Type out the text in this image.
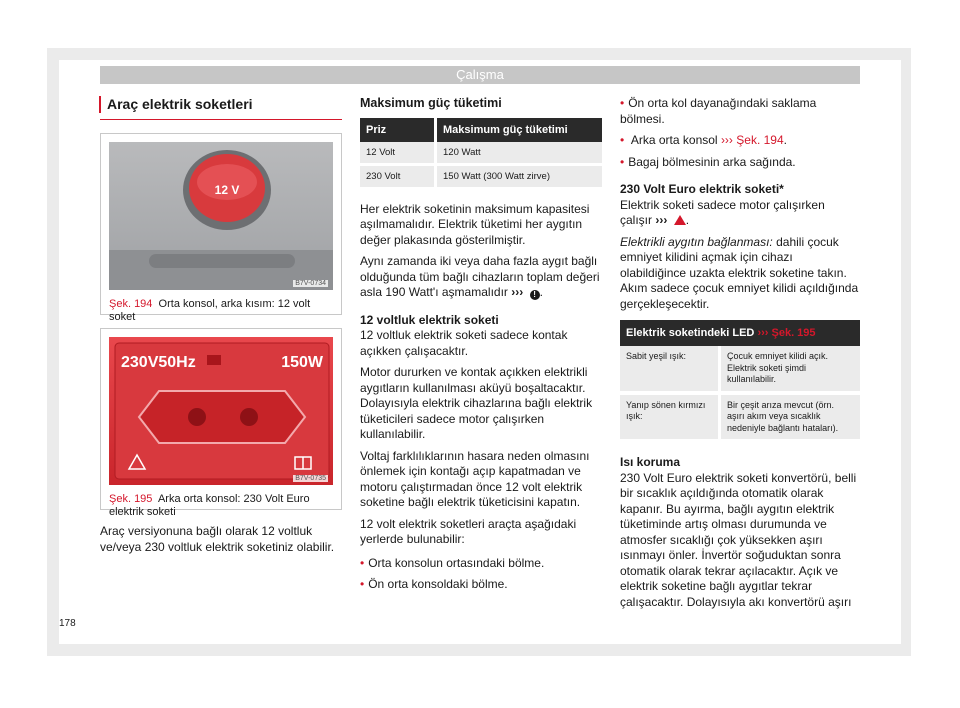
Çalışma
Araç elektrik soketleri
12 V
B7V-0734
Şek. 194 Orta konsol, arka kısım: 12 volt soket
230V50Hz	150W
B7V-0735
Şek. 195 Arka orta konsol: 230 Volt Euro elektrik soketi

Araç versiyonuna bağlı olarak 12 voltluk ve/veya 230 voltluk elektrik soketiniz olabilir.

Maksimum güç tüketimi

Priz	Maksimum güç tüketimi
12 Volt	120 Watt
230 Volt	150 Watt (300 Watt zirve)

Her elektrik soketinin maksimum kapasitesi aşılmamalıdır. Elektrik tüketimi her aygıtın değer plakasında gösterilmiştir.

Aynı zamanda iki veya daha fazla aygıt bağlı olduğunda tüm bağlı cihazların toplam değeri asla 190 Watt'ı aşmamalıdır ››› ! .

12 voltluk elektrik soketi

12 voltluk elektrik soketi sadece kontak açıkken çalışacaktır.

Motor dururken ve kontak açıkken elektrikli aygıtların kullanılması aküyü boşaltacaktır. Dolayısıyla elektrik cihazlarına bağlı elektrik tüketicileri sadece motor çalışırken kullanılabilir.

Voltaj farklılıklarının hasara neden olmasını önlemek için kontağı açıp kapatmadan ve motoru çalıştırmadan önce 12 volt elektrik soketine bağlı elektrik tüketicisini kapatın.

12 volt elektrik soketleri araçta aşağıdaki yerlerde bulunabilir:

• Orta konsolun ortasındaki bölme.

• Ön orta konsoldaki bölme.

• Ön orta kol dayanağındaki saklama bölmesi.

• Arka orta konsol ››› Şek. 194.

• Bagaj bölmesinin arka sağında.

230 Volt Euro elektrik soketi*

Elektrik soketi sadece motor çalışırken çalışır ››› .

Elektrikli aygıtın bağlanması: dahili çocuk emniyet kilidini açmak için cihazı olabildiğince uzakta elektrik soketine takın. Akım sadece çocuk emniyet kilidi açıldığında gerçekleşecektir.

Elektrik soketindeki LED ››› Şek. 195	
Sabit yeşil ışık:	Çocuk emniyet kilidi açık. Elektrik soketi şimdi kullanılabilir.
Yanıp sönen kırmızı ışık:	Bir çeşit arıza mevcut (örn. aşırı akım veya sıcaklık nedeniyle bağlantı hataları).

Isı koruma

230 Volt Euro elektrik soketi konvertörü, belli bir sıcaklık açıldığında otomatik olarak kapanır. Bu ayırma, bağlı aygıtın elektrik tüketiminde artış olması durumunda ve atmosfer sıcaklığı çok yüksekken aşırı ısınmayı önler. İnvertör soğuduktan sonra otomatik olarak tekrar açılacaktır. Açık ve elektrik soketine bağlı aygıtlar tekrar çalışacaktır. Dolayısıyla akı konvertörü aşırı

178
